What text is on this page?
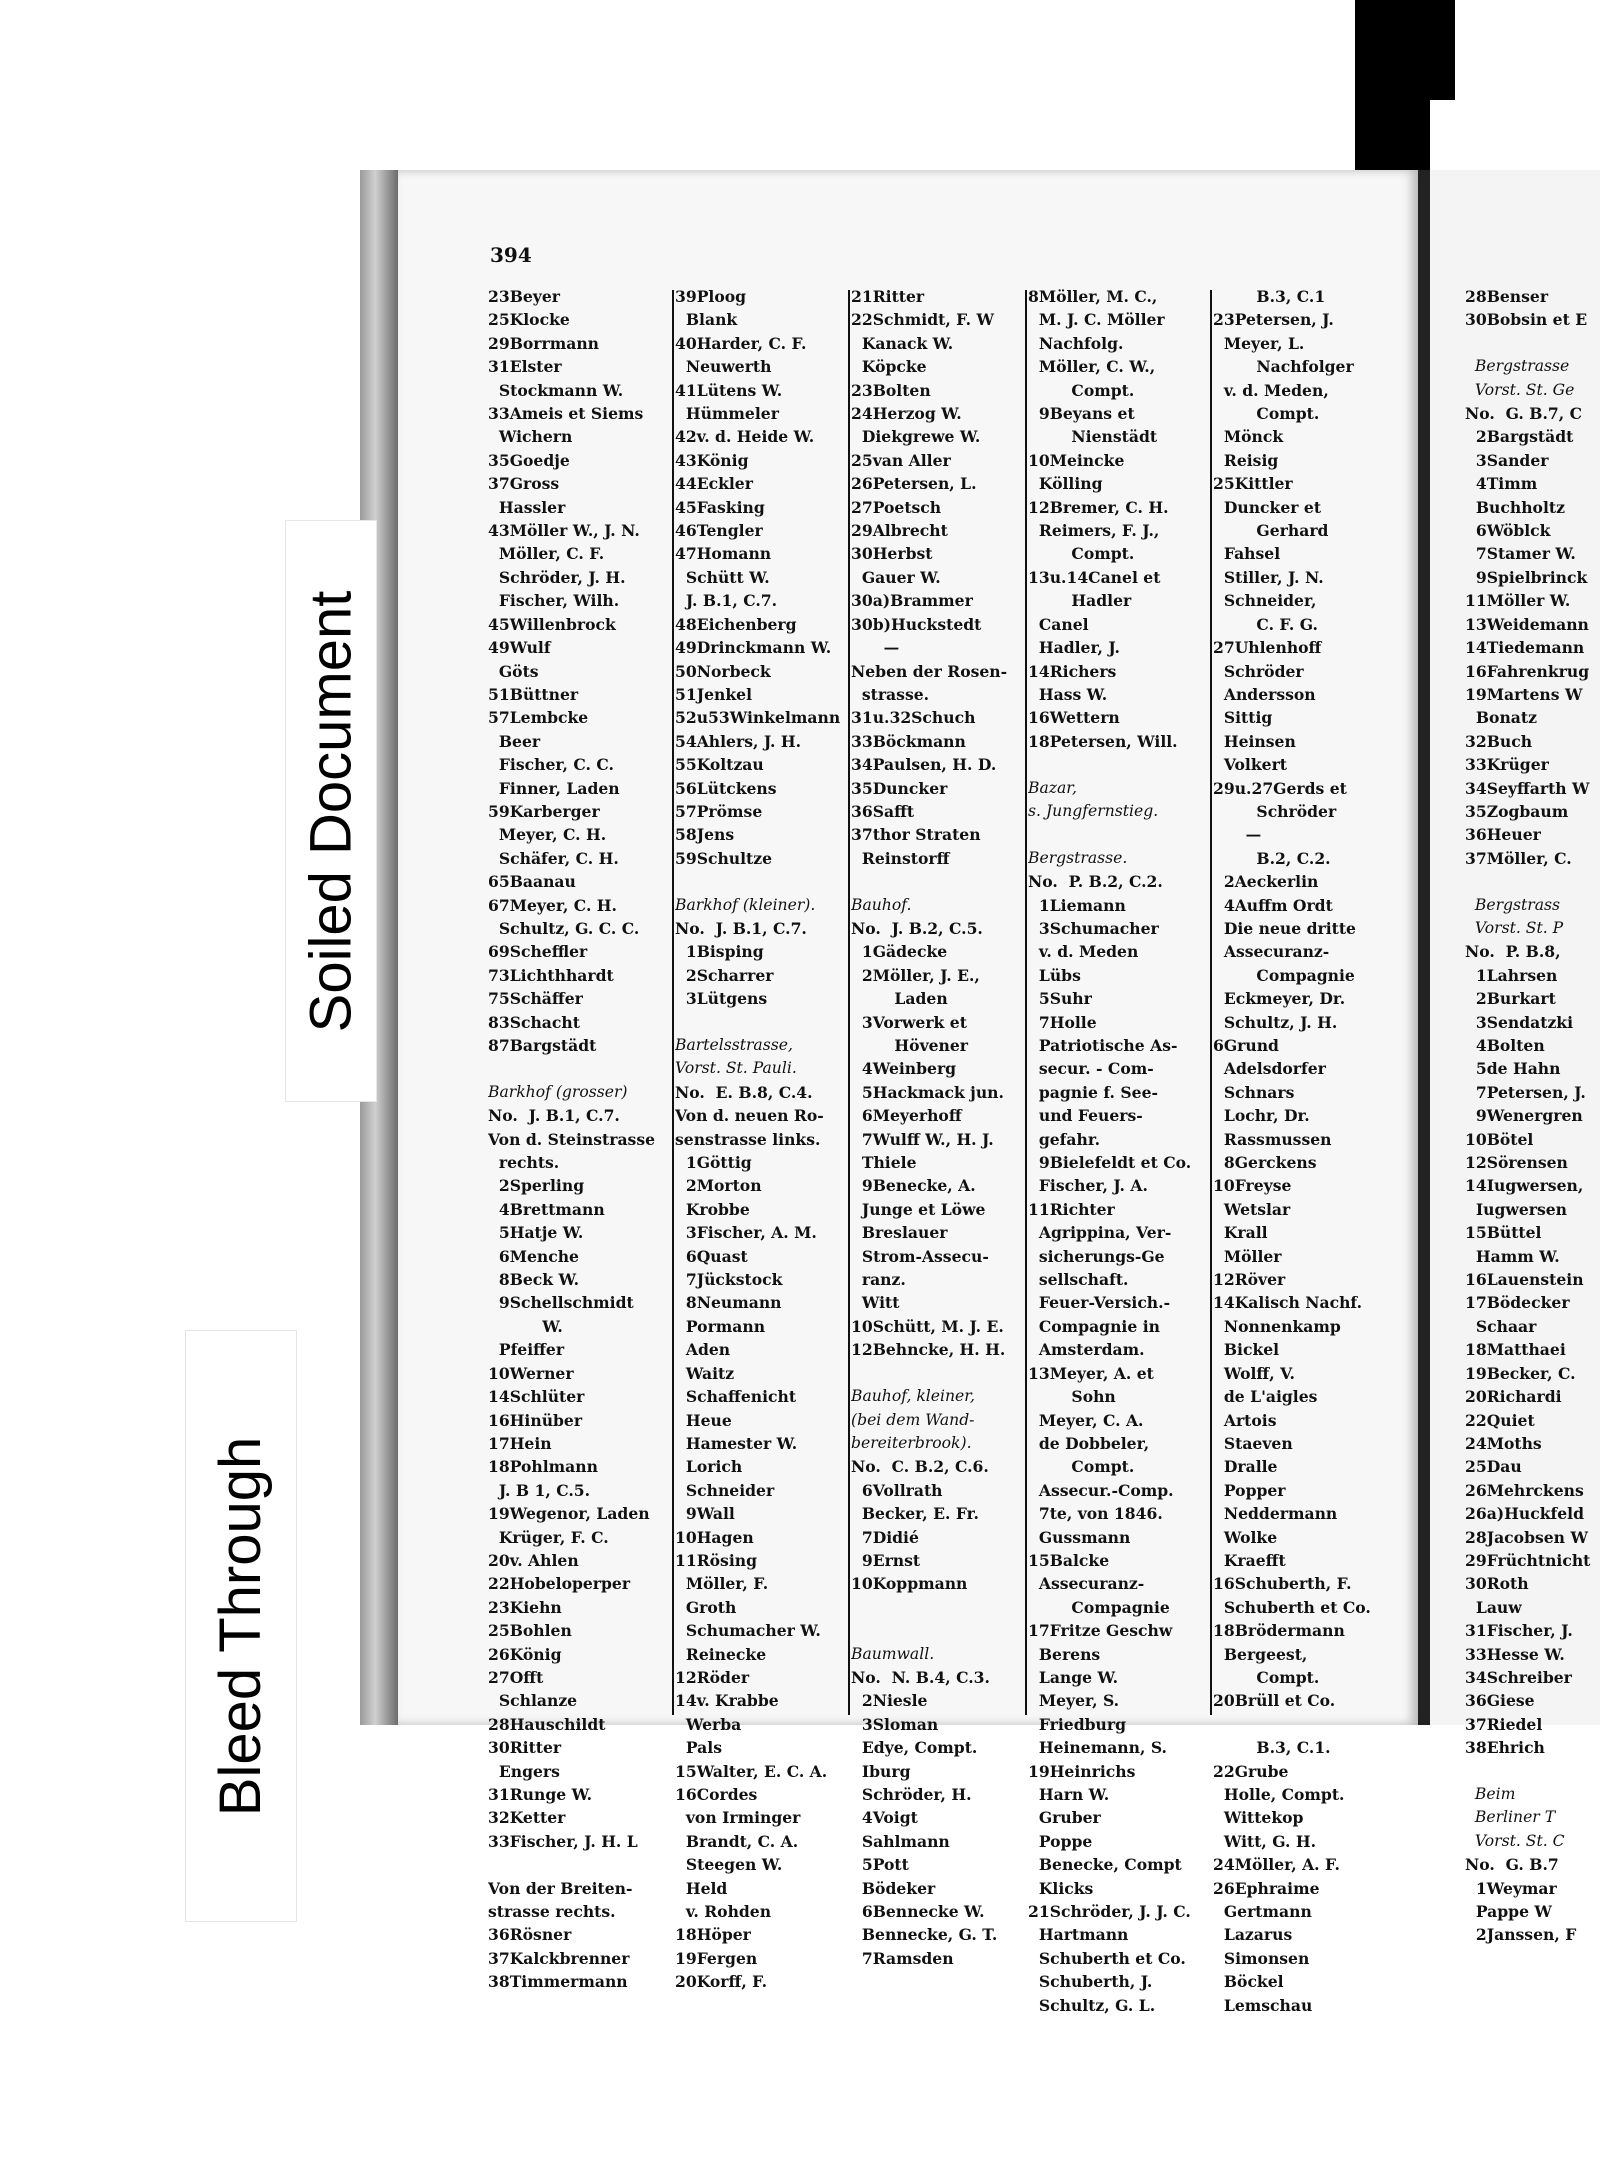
394
23Beyer
25Klocke
29Borrmann
31Elster
Stockmann W.
33Ameis et Siems
Wichern
35Goedje
37Gross
Hassler
43Möller W., J. N.
Möller, C. F.
Schröder, J. H.
Fischer, Wilh.
45Willenbrock
49Wulf
Göts
51Büttner
57Lembcke
Beer
Fischer, C. C.
Finner, Laden
59Karberger
Meyer, C. H.
Schäfer, C. H.
65Baanau
67Meyer, C. H.
Schultz, G. C. C.
69Scheffler
73Lichthhardt
75Schäffer
83Schacht
87Bargstädt

Barkhof (grosser)
No.  J. B.1, C.7.
Von d. Steinstrasse
rechts.
2Sperling
4Brettmann
5Hatje W.
6Menche
8Beck W.
9Schellschmidt
W.
Pfeiffer
10Werner
14Schlüter
16Hinüber
17Hein
18Pohlmann
J. B 1, C.5.
19Wegenor, Laden
Krüger, F. C.
20v. Ahlen
22Hobeloperper
23Kiehn
25Bohlen
26König
27Offt
Schlanze
28Hauschildt
30Ritter
Engers
31Runge W.
32Ketter
33Fischer, J. H. L

Von der Breiten-
strasse rechts.
36Rösner
37Kalckbrenner
38Timmermann
39Ploog
Blank
40Harder, C. F.
Neuwerth
41Lütens W.
Hümmeler
42v. d. Heide W.
43König
44Eckler
45Fasking
46Tengler
47Homann
Schütt W.
J. B.1, C.7.
48Eichenberg
49Drinckmann W.
50Norbeck
51Jenkel
52u53Winkelmann
54Ahlers, J. H.
55Koltzau
56Lütckens
57Prömse
58Jens
59Schultze

Barkhof (kleiner).
No.  J. B.1, C.7.
1Bisping
2Scharrer
3Lütgens

Bartelsstrasse,
Vorst. St. Pauli.
No.  E. B.8, C.4.
Von d. neuen Ro-
senstrasse links.
1Göttig
2Morton
Krobbe
3Fischer, A. M.
6Quast
7Jückstock
8Neumann
Pormann
Aden
Waitz
Schaffenicht
Heue
Hamester W.
Lorich
Schneider
9Wall
10Hagen
11Rösing
Möller, F.
Groth
Schumacher W.
Reinecke
12Röder
14v. Krabbe
Werba
Pals
15Walter, E. C. A.
16Cordes
von Irminger
Brandt, C. A.
Steegen W.
Held
v. Rohden
18Höper
19Fergen
20Korff, F.
21Ritter
22Schmidt, F. W
Kanack W.
Köpcke
23Bolten
24Herzog W.
Diekgrewe W.
25van Aller
26Petersen, L.
27Poetsch
29Albrecht
30Herbst
Gauer W.
30a)Brammer
30b)Huckstedt
—
Neben der Rosen-
strasse.
31u.32Schuch
33Böckmann
34Paulsen, H. D.
35Duncker
36Safft
37thor Straten
Reinstorff

Bauhof.
No.  J. B.2, C.5.
1Gädecke
2Möller, J. E.,
Laden
3Vorwerk et
Hövener
4Weinberg
5Hackmack jun.
6Meyerhoff
7Wulff W., H. J.
Thiele
9Benecke, A.
Junge et Löwe
Breslauer
Strom-Assecu-
ranz.
Witt
10Schütt, M. J. E.
12Behncke, H. H.

Bauhof, kleiner,
(bei dem Wand-
bereiterbrook).
No.  C. B.2, C.6.
6Vollrath
Becker, E. Fr.
7Didié
9Ernst
10Koppmann

Baumwall.
No.  N. B.4, C.3.
2Niesle
3Sloman
Edye, Compt.
Iburg
Schröder, H.
4Voigt
Sahlmann
5Pott
Bödeker
6Bennecke W.
Bennecke, G. T.
7Ramsden
8Möller, M. C.,
M. J. C. Möller
Nachfolg.
Möller, C. W.,
Compt.
9Beyans et
Nienstädt
10Meincke
Kölling
12Bremer, C. H.
Reimers, F. J.,
Compt.
13u.14Canel et
Hadler
Canel
Hadler, J.
14Richers
Hass W.
16Wettern
18Petersen, Will.

Bazar,
s. Jungfernstieg.

Bergstrasse.
No.  P. B.2, C.2.
1Liemann
3Schumacher
v. d. Meden
Lübs
5Suhr
7Holle
Patriotische As-
secur. - Com-
pagnie f. See-
und Feuers-
gefahr.
9Bielefeldt et Co.
Fischer, J. A.
11Richter
Agrippina, Ver-
sicherungs-Ge
sellschaft.
Feuer-Versich.-
Compagnie in
Amsterdam.
13Meyer, A. et
Sohn
Meyer, C. A.
de Dobbeler,
Compt.
Assecur.-Comp.
7te, von 1846.
Gussmann
15Balcke
Assecuranz-
Compagnie
17Fritze Geschw
Berens
Lange W.
Meyer, S.
Friedburg
Heinemann, S.
19Heinrichs
Harn W.
Gruber
Poppe
Benecke, Compt
Klicks
21Schröder, J. J. C.
Hartmann
Schuberth et Co.
Schuberth, J.
Schultz, G. L.
B.3, C.1
23Petersen, J.
Meyer, L.
Nachfolger
v. d. Meden,
Compt.
Mönck
Reisig
25Kittler
Duncker et
Gerhard
Fahsel
Stiller, J. N.
Schneider,
C. F. G.
27Uhlenhoff
Schröder
Andersson
Sittig
Heinsen
Volkert
29u.27Gerds et
Schröder
—
B.2, C.2.
2Aeckerlin
4Auffm Ordt
Die neue dritte
Assecuranz-
Compagnie
Eckmeyer, Dr.
Schultz, J. H.
6Grund
Adelsdorfer
Schnars
Lochr, Dr.
Rassmussen
8Gerckens
10Freyse
Wetslar
Krall
Möller
12Röver
14Kalisch Nachf.
Nonnenkamp
Bickel
Wolff, V.
de L'aigles
Artois
Staeven
Dralle
Popper
Neddermann
Wolke
Kraefft
16Schuberth, F.
Schuberth et Co.
18Brödermann
Bergeest,
Compt.
20Brüll et Co.

B.3, C.1.
22Grube
Holle, Compt.
Wittekop
Witt, G. H.
24Möller, A. F.
26Ephraime
Gertmann
Lazarus
Simonsen
Böckel
Lemschau
28Benser
30Bobsin et E

Bergstrasse
Vorst. St. Ge
No.  G. B.7, C
2Bargstädt
3Sander
4Timm
Buchholtz
6Wöblck
7Stamer W.
9Spielbrinck
11Möller W.
13Weidemann
14Tiedemann
16Fahrenkrug
19Martens W
Bonatz
32Buch
33Krüger
34Seyffarth W
35Zogbaum
36Heuer
37Möller, C.

Bergstrass
Vorst. St. P
No.  P. B.8,
1Lahrsen
2Burkart
3Sendatzki
4Bolten
5de Hahn
7Petersen, J.
9Wenergren
10Bötel
12Sörensen
14Iugwersen,
Iugwersen
15Büttel
Hamm W.
16Lauenstein
17Bödecker
Schaar
18Matthaei
19Becker, C.
20Richardi
22Quiet
24Moths
25Dau
26Mehrckens
26a)Huckfeld
28Jacobsen W
29Früchtnicht
30Roth
Lauw
31Fischer, J.
33Hesse W.
34Schreiber
36Giese
37Riedel
38Ehrich

Beim
Berliner T
Vorst. St. C
No.  G. B.7
1Weymar
Pappe W
2Janssen, F
Soiled Document
Bleed Through
